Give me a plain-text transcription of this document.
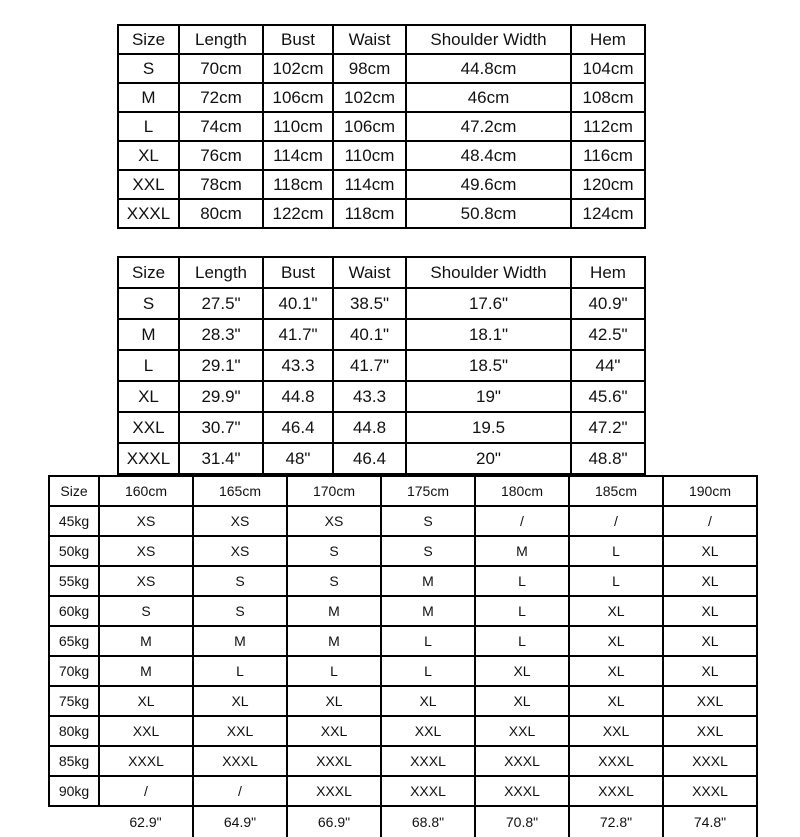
Size	Length	Bust	Waist	Shoulder Width	Hem
S	70cm	102cm	98cm	44.8cm	104cm
M	72cm	106cm	102cm	46cm	108cm
L	74cm	110cm	106cm	47.2cm	112cm
XL	76cm	114cm	110cm	48.4cm	116cm
XXL	78cm	118cm	114cm	49.6cm	120cm
XXXL	80cm	122cm	118cm	50.8cm	124cm
Size	Length	Bust	Waist	Shoulder Width	Hem
S	27.5"	40.1"	38.5"	17.6"	40.9"
M	28.3"	41.7"	40.1"	18.1"	42.5"
L	29.1"	43.3	41.7"	18.5"	44"
XL	29.9"	44.8	43.3	19"	45.6"
XXL	30.7"	46.4	44.8	19.5	47.2"
XXXL	31.4"	48"	46.4	20"	48.8"
Size	160cm	165cm	170cm	175cm	180cm	185cm	190cm
45kg	XS	XS	XS	S	/	/	/
50kg	XS	XS	S	S	M	L	XL
55kg	XS	S	S	M	L	L	XL
60kg	S	S	M	M	L	XL	XL
65kg	M	M	M	L	L	XL	XL
70kg	M	L	L	L	XL	XL	XL
75kg	XL	XL	XL	XL	XL	XL	XXL
80kg	XXL	XXL	XXL	XXL	XXL	XXL	XXL
85kg	XXXL	XXXL	XXXL	XXXL	XXXL	XXXL	XXXL
90kg	/	/	XXXL	XXXL	XXXL	XXXL	XXXL
	62.9"	64.9"	66.9"	68.8"	70.8"	72.8"	74.8"
